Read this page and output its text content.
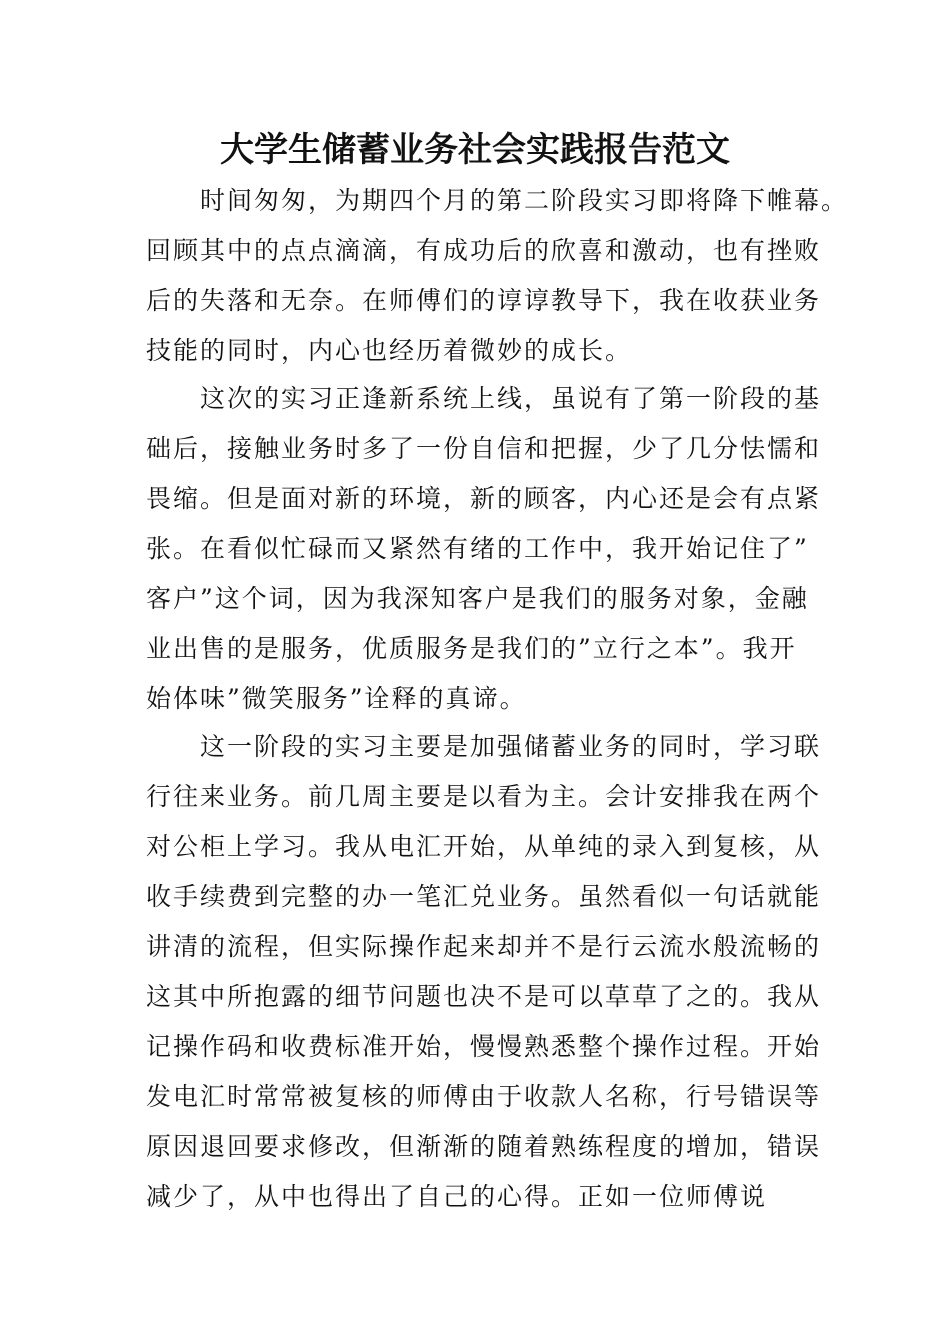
大学生储蓄业务社会实践报告范文
时间匆匆，为期四个月的第二阶段实习即将降下帷幕。
回顾其中的点点滴滴，有成功后的欣喜和激动，也有挫败
后的失落和无奈。在师傅们的谆谆教导下，我在收获业务
技能的同时，内心也经历着微妙的成长。
这次的实习正逢新系统上线，虽说有了第一阶段的基
础后，接触业务时多了一份自信和把握，少了几分怯懦和
畏缩。但是面对新的环境，新的顾客，内心还是会有点紧
张。在看似忙碌而又紧然有绪的工作中，我开始记住了”
客户”这个词，因为我深知客户是我们的服务对象，金融
业出售的是服务，优质服务是我们的”立行之本”。我开
始体味”微笑服务”诠释的真谛。
这一阶段的实习主要是加强储蓄业务的同时，学习联
行往来业务。前几周主要是以看为主。会计安排我在两个
对公柜上学习。我从电汇开始，从单纯的录入到复核，从
收手续费到完整的办一笔汇兑业务。虽然看似一句话就能
讲清的流程，但实际操作起来却并不是行云流水般流畅的
这其中所抱露的细节问题也决不是可以草草了之的。我从
记操作码和收费标准开始，慢慢熟悉整个操作过程。开始
发电汇时常常被复核的师傅由于收款人名称，行号错误等
原因退回要求修改，但渐渐的随着熟练程度的增加，错误
减少了，从中也得出了自己的心得。正如一位师傅说
